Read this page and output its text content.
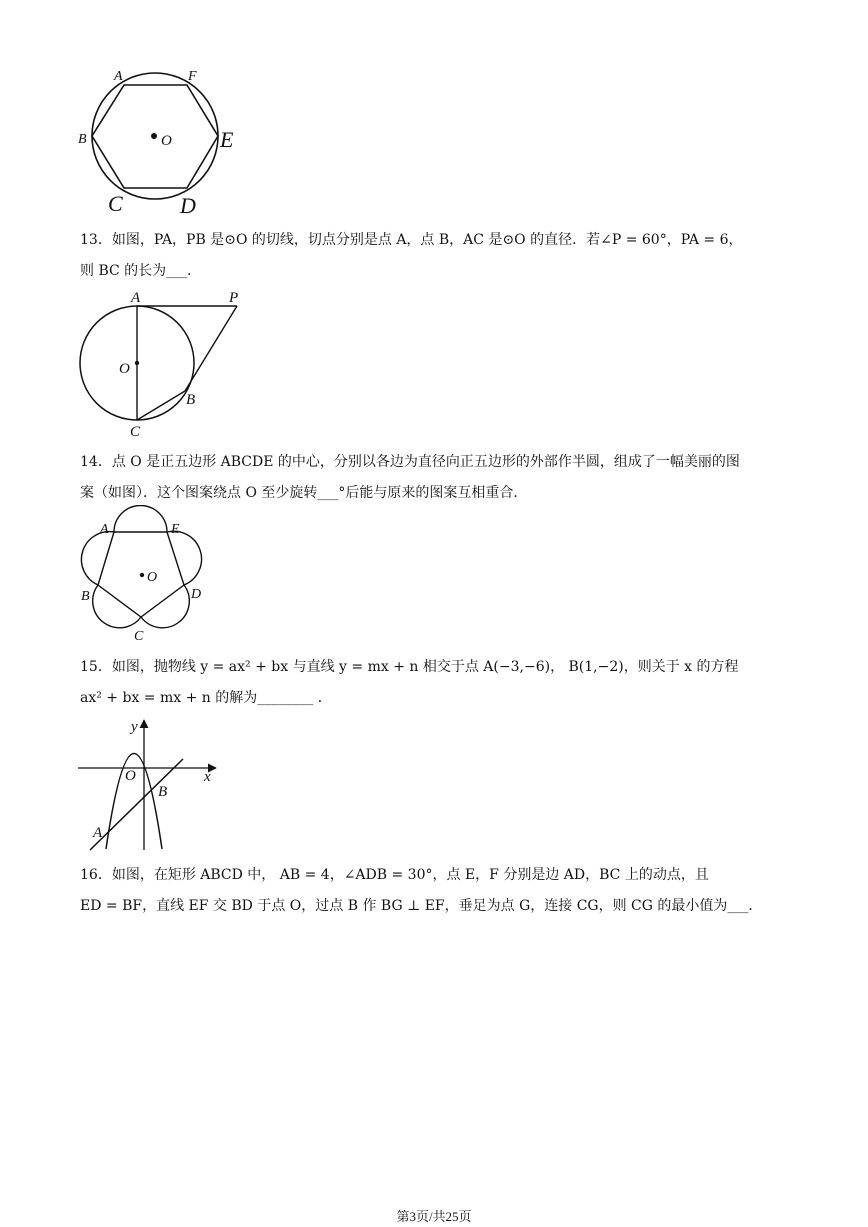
A	F
B	O E
C	D
13．如图，PA，PB 是⊙O 的切线，切点分别是点 A，点 B，AC 是⊙O 的直径．若∠P = 60°，PA = 6，
则 BC 的长为___．
A	P
O
B
C
14．点 O 是正五边形 ABCDE 的中心，分别以各边为直径向正五边形的外部作半圆，组成了一幅美丽的图
案（如图）．这个图案绕点 O 至少旋转___°后能与原来的图案互相重合．
A	E
O
B	D
C
15．如图，抛物线 y = ax² + bx 与直线 y = mx + n 相交于点 A(−3,−6)， B(1,−2)，则关于 x 的方程
ax² + bx = mx + n 的解为________ ．
y
x
O
B
A
16．如图，在矩形 ABCD 中， AB = 4，∠ADB = 30°，点 E，F 分别是边 AD，BC 上的动点，且
ED = BF，直线 EF 交 BD 于点 O，过点 B 作 BG ⊥ EF，垂足为点 G，连接 CG，则 CG 的最小值为___．
第3页/共25页
